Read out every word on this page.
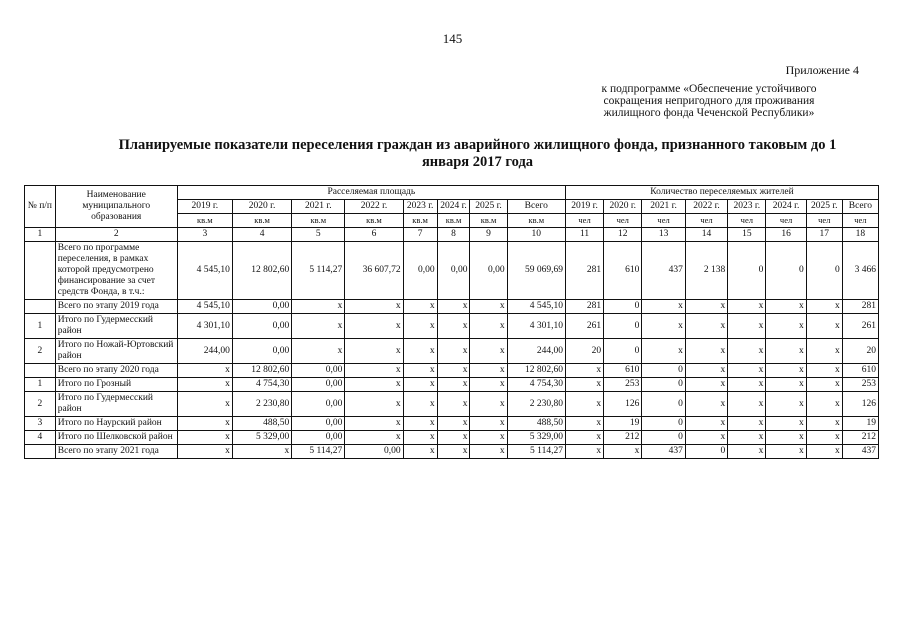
145
Приложение 4
к подпрограмме «Обеспечение устойчивого
сокращения непригодного для проживания
жилищного фонда Чеченской Республики»
Планируемые показатели переселения граждан из аварийного жилищного фонда, признанного таковым до 1 января 2017 года
№ п/п	Наименование муниципального образования	Расселяемая площадь								Количество переселяемых жителей							
		2019 г.	2020 г.	2021 г.	2022 г.	2023 г.	2024 г.	2025 г.	Всего	2019 г.	2020 г.	2021 г.	2022 г.	2023 г.	2024 г.	2025 г.	Всего
		кв.м	кв.м	кв.м	кв.м	кв.м	кв.м	кв.м	кв.м	чел	чел	чел	чел	чел	чел	чел	чел
1	2	3	4	5	6	7	8	9	10	11	12	13	14	15	16	17	18
	Всего по программе переселения, в рамках которой предусмотрено финансирование за счет средств Фонда, в т.ч.:	4 545,10	12 802,60	5 114,27	36 607,72	0,00	0,00	0,00	59 069,69	281	610	437	2 138	0	0	0	3 466
	Всего по этапу 2019 года	4 545,10	0,00	x	x	x	x	x	4 545,10	281	0	x	x	x	x	x	281
1	Итого по Гудермесский район	4 301,10	0,00	x	x	x	x	x	4 301,10	261	0	x	x	x	x	x	261
2	Итого по Ножай-Юртовский район	244,00	0,00	x	x	x	x	x	244,00	20	0	x	x	x	x	x	20
	Всего по этапу 2020 года	x	12 802,60	0,00	x	x	x	x	12 802,60	x	610	0	x	x	x	x	610
1	Итого по Грозный	x	4 754,30	0,00	x	x	x	x	4 754,30	x	253	0	x	x	x	x	253
2	Итого по Гудермесский район	x	2 230,80	0,00	x	x	x	x	2 230,80	x	126	0	x	x	x	x	126
3	Итого по Наурский район	x	488,50	0,00	x	x	x	x	488,50	x	19	0	x	x	x	x	19
4	Итого по Шелковской район	x	5 329,00	0,00	x	x	x	x	5 329,00	x	212	0	x	x	x	x	212
	Всего по этапу 2021 года	x	x	5 114,27	0,00	x	x	x	5 114,27	x	x	437	0	x	x	x	437
